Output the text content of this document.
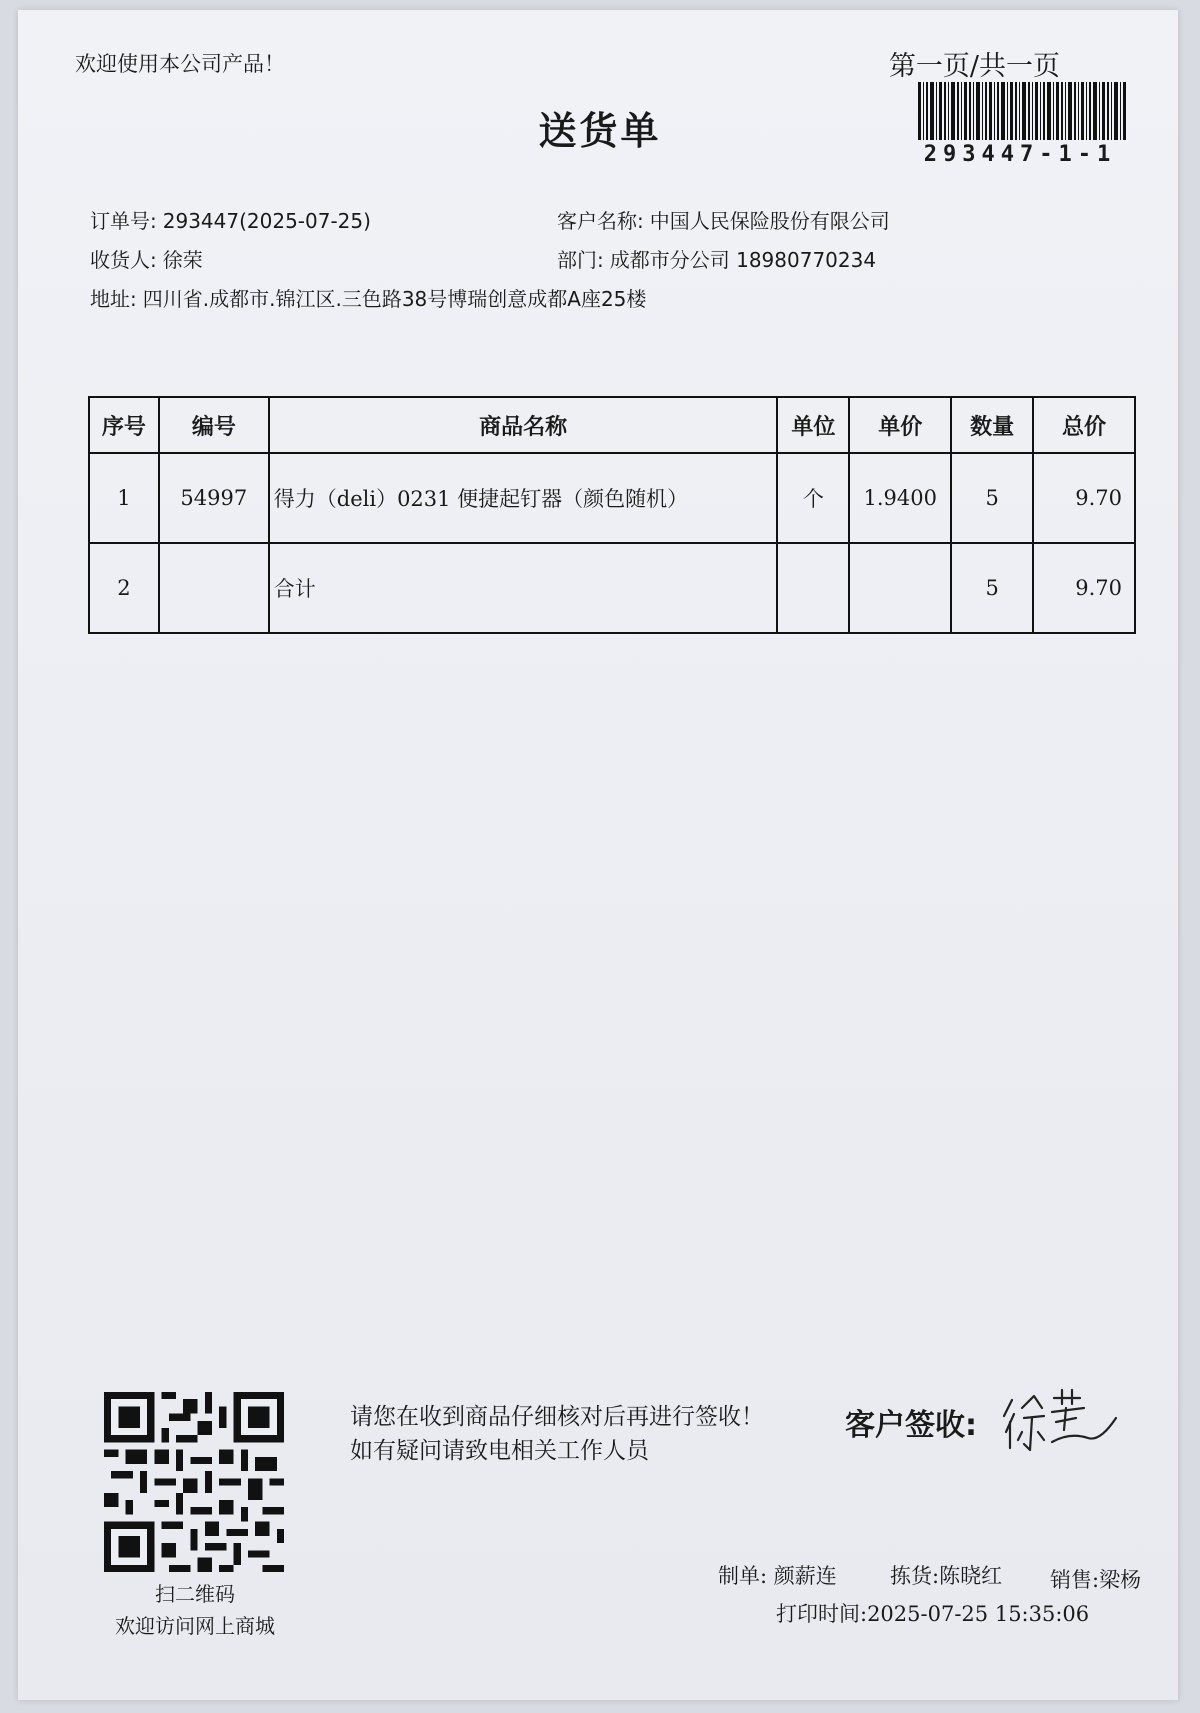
欢迎使用本公司产品！	第一页/共一页
送货单
293447-1-1
订单号: 293447(2025-07-25)	客户名称: 中国人民保险股份有限公司
收货人: 徐荣	部门: 成都市分公司 18980770234
地址: 四川省.成都市.锦江区.三色路38号博瑞创意成都A座25楼
序号	编号	商品名称	单位	单价	数量	总价
1	54997	得力（deli）0231 便捷起钉器（颜色随机）	个	1.9400	5	9.70
2		合计			5	9.70
扫二维码
欢迎访问网上商城
请您在收到商品仔细核对后再进行签收！如有疑问请致电相关工作人员
客户签收:
制单: 颜薪连	拣货:陈晓红 销售:梁杨
打印时间:2025-07-25 15:35:06
